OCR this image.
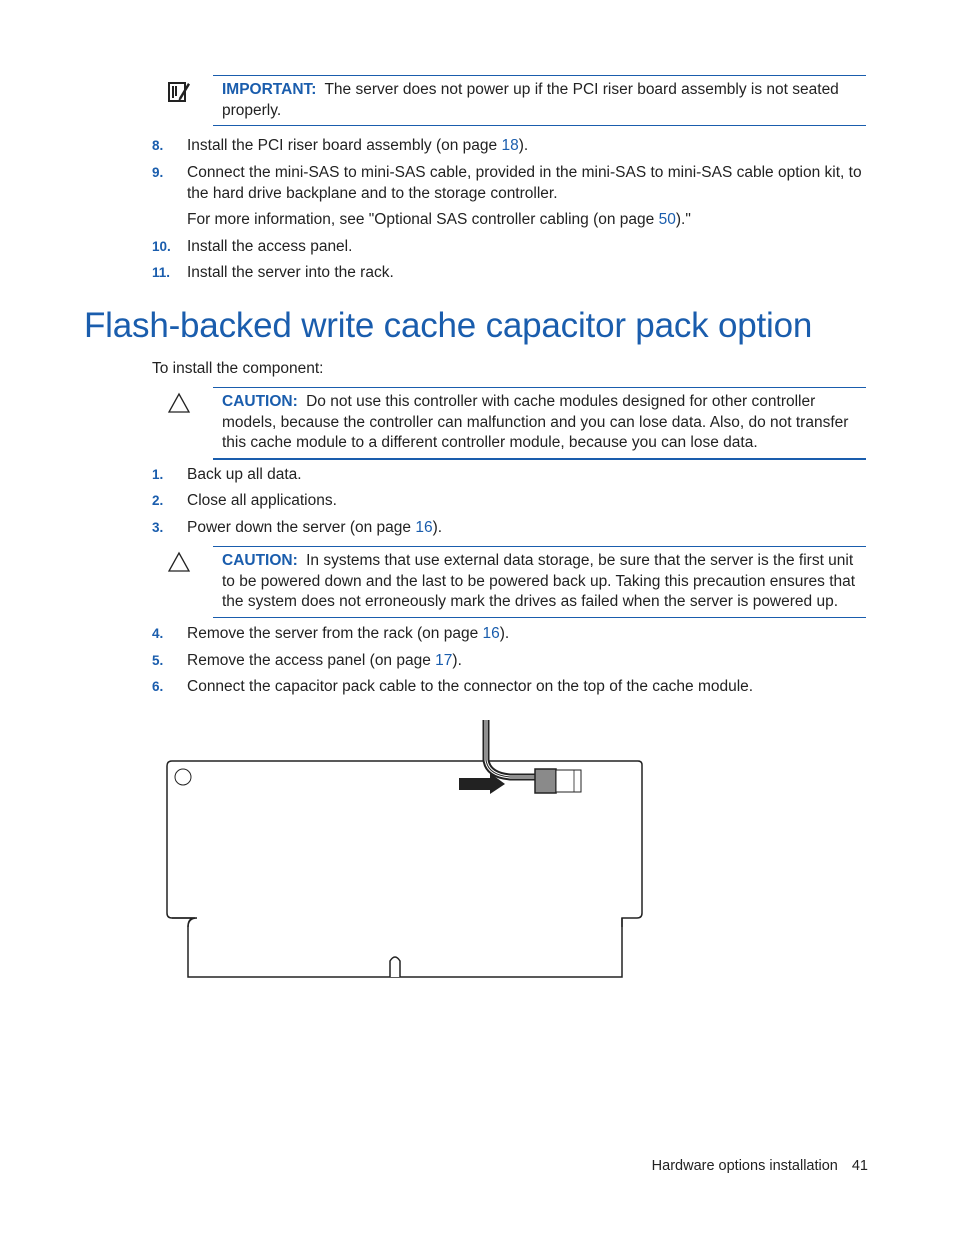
IMPORTANT: The server does not power up if the PCI riser board assembly is not seated properly.
8. Install the PCI riser board assembly (on page 18).
9. Connect the mini-SAS to mini-SAS cable, provided in the mini-SAS to mini-SAS cable option kit, to the hard drive backplane and to the storage controller.
For more information, see "Optional SAS controller cabling (on page 50)."
10. Install the access panel.
11. Install the server into the rack.
Flash-backed write cache capacitor pack option
To install the component:
CAUTION: Do not use this controller with cache modules designed for other controller models, because the controller can malfunction and you can lose data. Also, do not transfer this cache module to a different controller module, because you can lose data.
1. Back up all data.
2. Close all applications.
3. Power down the server (on page 16).
CAUTION: In systems that use external data storage, be sure that the server is the first unit to be powered down and the last to be powered back up. Taking this precaution ensures that the system does not erroneously mark the drives as failed when the server is powered up.
4. Remove the server from the rack (on page 16).
5. Remove the access panel (on page 17).
6. Connect the capacitor pack cable to the connector on the top of the cache module.
Hardware options installation 41
